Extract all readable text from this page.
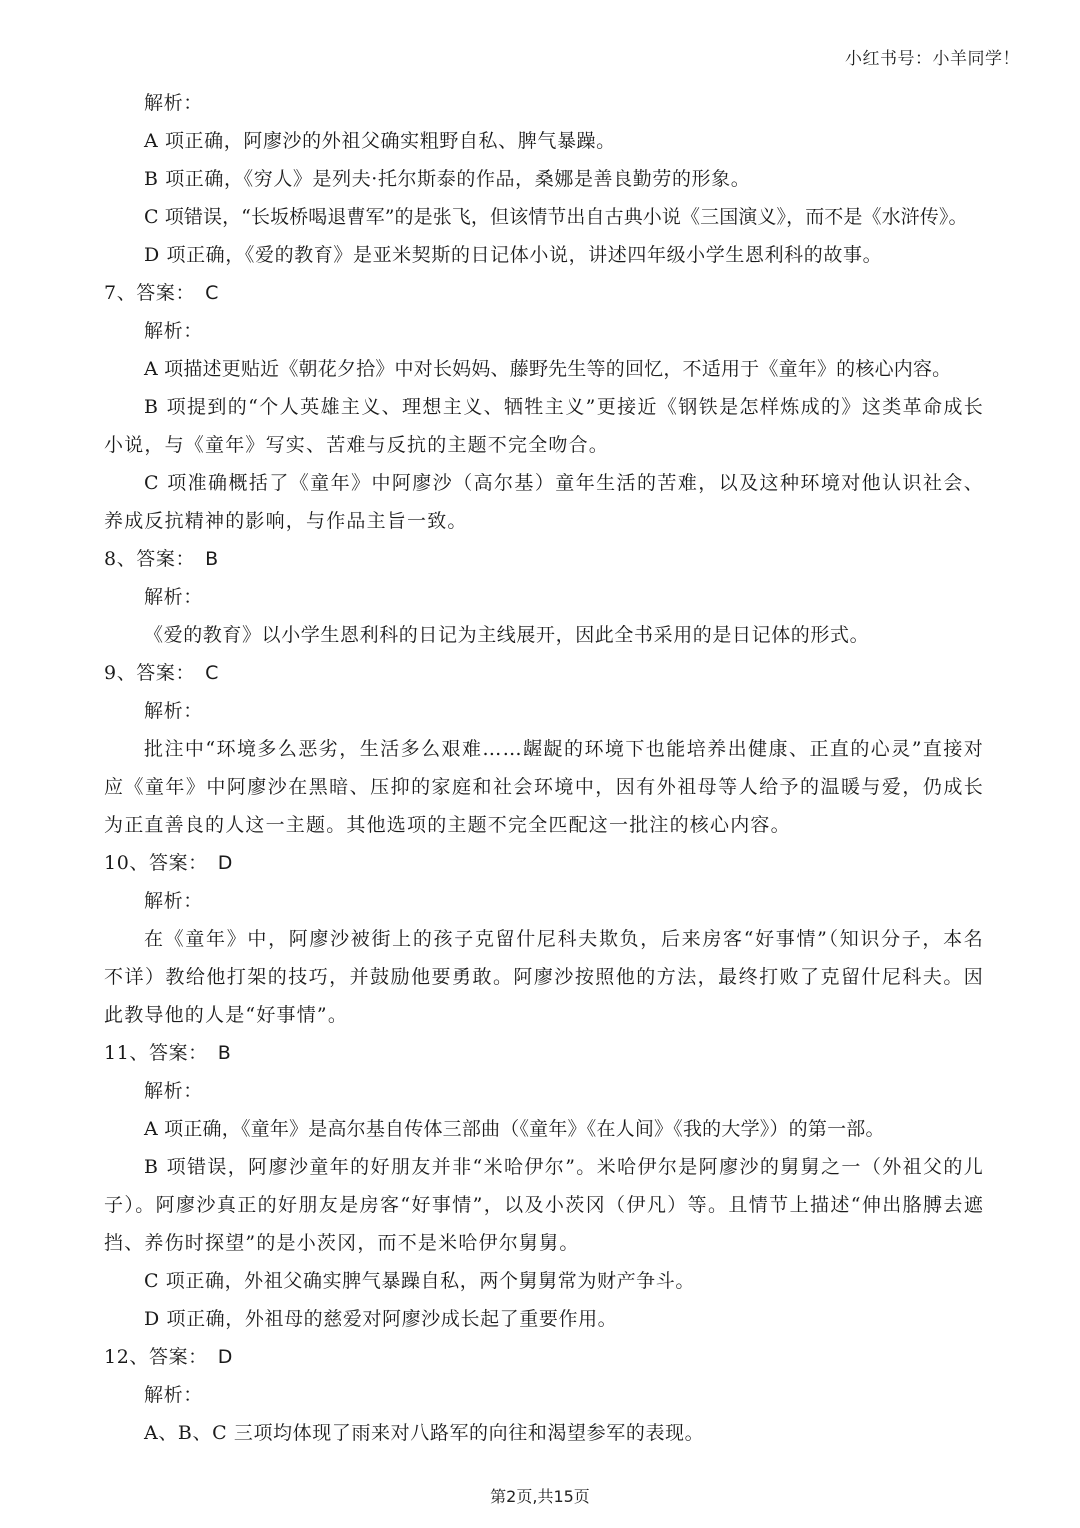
小红书号：小羊同学！
解析：
A 项正确，阿廖沙的外祖父确实粗野自私、脾气暴躁。
B 项正确，《穷人》是列夫·托尔斯泰的作品，桑娜是善良勤劳的形象。
C 项错误，“长坂桥喝退曹军”的是张飞，但该情节出自古典小说《三国演义》，而不是《水浒传》。
D 项正确，《爱的教育》是亚米契斯的日记体小说，讲述四年级小学生恩利科的故事。
7、答案： C
解析：
A 项描述更贴近《朝花夕拾》中对长妈妈、藤野先生等的回忆，不适用于《童年》的核心内容。
B 项提到的“个人英雄主义、理想主义、牺牲主义”更接近《钢铁是怎样炼成的》这类革命成长小说，与《童年》写实、苦难与反抗的主题不完全吻合。
C 项准确概括了《童年》中阿廖沙（高尔基）童年生活的苦难，以及这种环境对他认识社会、养成反抗精神的影响，与作品主旨一致。
8、答案： B
解析：
《爱的教育》以小学生恩利科的日记为主线展开，因此全书采用的是日记体的形式。
9、答案： C
解析：
批注中“环境多么恶劣，生活多么艰难……龌龊的环境下也能培养出健康、正直的心灵”直接对应《童年》中阿廖沙在黑暗、压抑的家庭和社会环境中，因有外祖母等人给予的温暖与爱，仍成长为正直善良的人这一主题。其他选项的主题不完全匹配这一批注的核心内容。
10、答案： D
解析：
在《童年》中，阿廖沙被街上的孩子克留什尼科夫欺负，后来房客“好事情”（知识分子，本名不详）教给他打架的技巧，并鼓励他要勇敢。阿廖沙按照他的方法，最终打败了克留什尼科夫。因此教导他的人是“好事情”。
11、答案： B
解析：
A 项正确，《童年》是高尔基自传体三部曲（《童年》《在人间》《我的大学》）的第一部。
B 项错误，阿廖沙童年的好朋友并非“米哈伊尔”。米哈伊尔是阿廖沙的舅舅之一（外祖父的儿子）。阿廖沙真正的好朋友是房客“好事情”，以及小茨冈（伊凡）等。且情节上描述“伸出胳膊去遮挡、养伤时探望”的是小茨冈，而不是米哈伊尔舅舅。
C 项正确，外祖父确实脾气暴躁自私，两个舅舅常为财产争斗。
D 项正确，外祖母的慈爱对阿廖沙成长起了重要作用。
12、答案： D
解析：
A、B、C 三项均体现了雨来对八路军的向往和渴望参军的表现。
第2页,共15页
